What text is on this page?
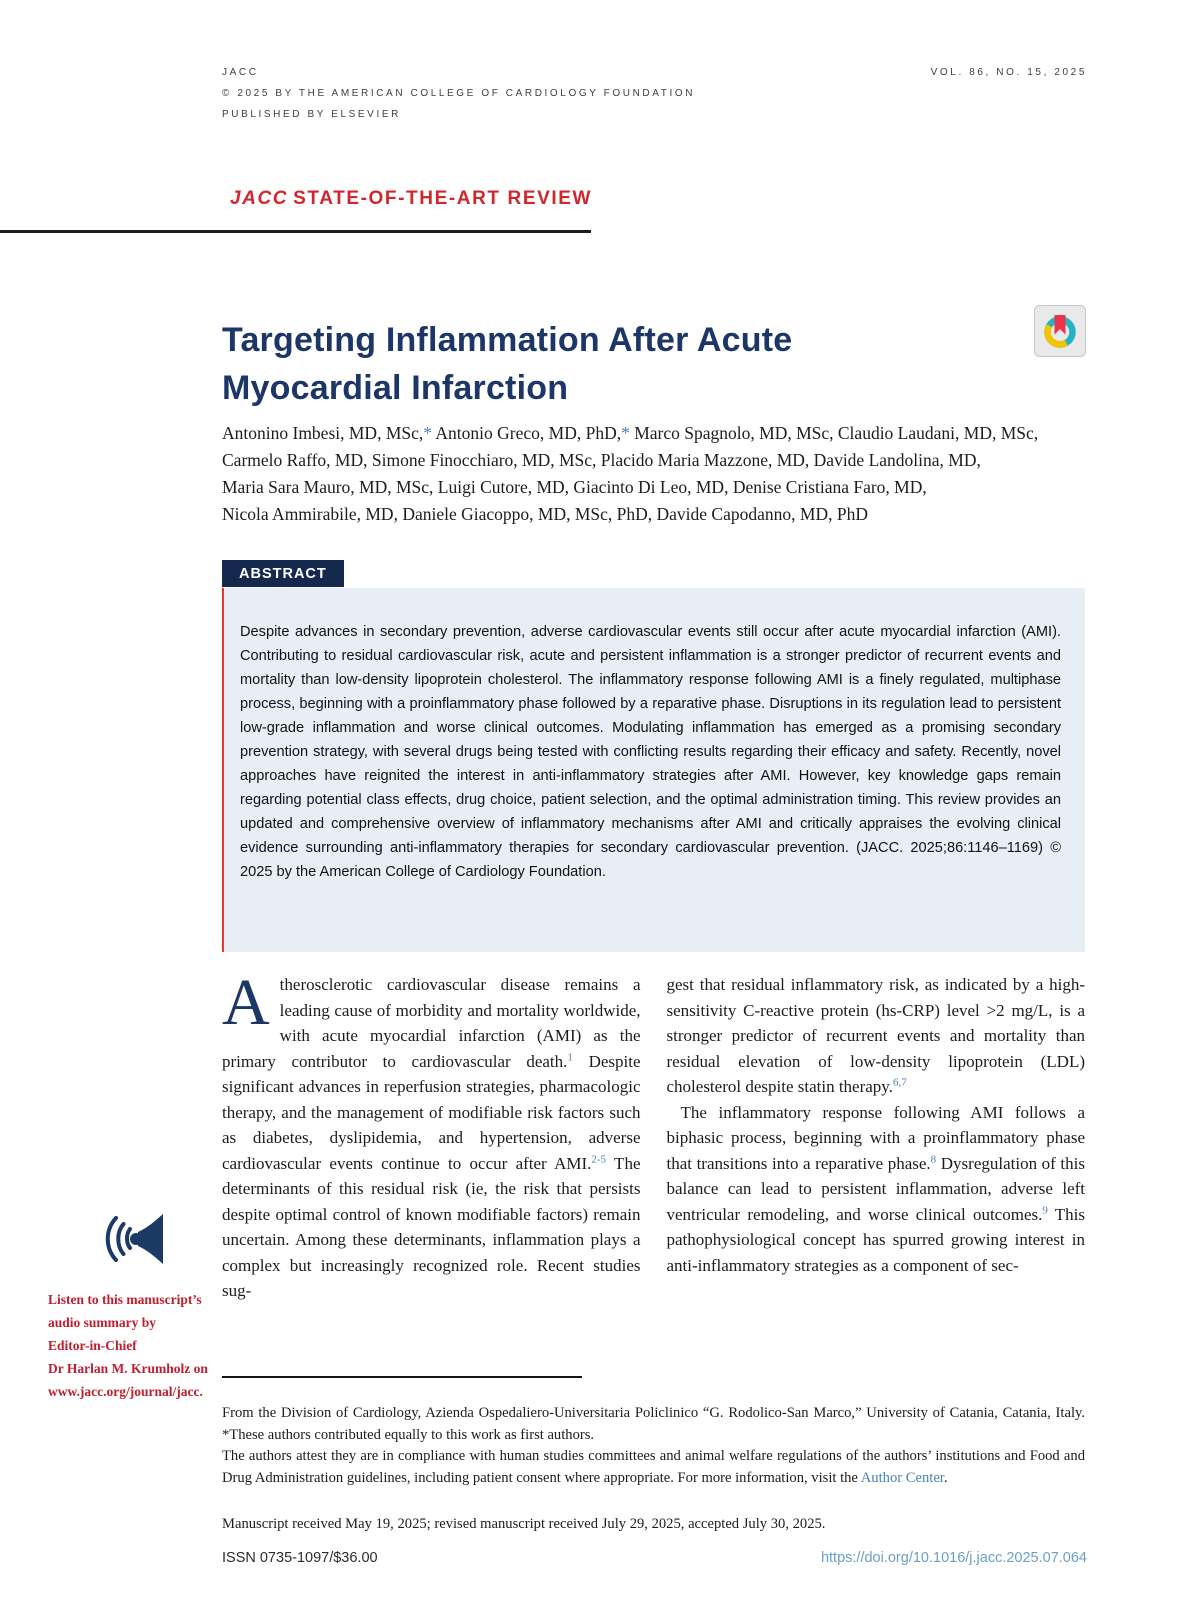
JACC	VOL. 86, NO. 15, 2025
© 2025 BY THE AMERICAN COLLEGE OF CARDIOLOGY FOUNDATION
PUBLISHED BY ELSEVIER
JACC STATE-OF-THE-ART REVIEW
Targeting Inflammation After Acute Myocardial Infarction
Antonino Imbesi, MD, MSc,* Antonio Greco, MD, PhD,* Marco Spagnolo, MD, MSc, Claudio Laudani, MD, MSc,
Carmelo Raffo, MD, Simone Finocchiaro, MD, MSc, Placido Maria Mazzone, MD, Davide Landolina, MD,
Maria Sara Mauro, MD, MSc, Luigi Cutore, MD, Giacinto Di Leo, MD, Denise Cristiana Faro, MD,
Nicola Ammirabile, MD, Daniele Giacoppo, MD, MSc, PhD, Davide Capodanno, MD, PhD
ABSTRACT
Despite advances in secondary prevention, adverse cardiovascular events still occur after acute myocardial infarction (AMI). Contributing to residual cardiovascular risk, acute and persistent inflammation is a stronger predictor of recurrent events and mortality than low-density lipoprotein cholesterol. The inflammatory response following AMI is a finely regulated, multiphase process, beginning with a proinflammatory phase followed by a reparative phase. Disruptions in its regulation lead to persistent low-grade inflammation and worse clinical outcomes. Modulating inflammation has emerged as a promising secondary prevention strategy, with several drugs being tested with conflicting results regarding their efficacy and safety. Recently, novel approaches have reignited the interest in anti-inflammatory strategies after AMI. However, key knowledge gaps remain regarding potential class effects, drug choice, patient selection, and the optimal administration timing. This review provides an updated and comprehensive overview of inflammatory mechanisms after AMI and critically appraises the evolving clinical evidence surrounding anti-inflammatory therapies for secondary cardiovascular prevention. (JACC. 2025;86:1146–1169) © 2025 by the American College of Cardiology Foundation.

Atherosclerotic cardiovascular disease remains a leading cause of morbidity and mortality worldwide, with acute myocardial infarction (AMI) as the primary contributor to cardiovascular death.$^1$ Despite significant advances in reperfusion strategies, pharmacologic therapy, and the management of modifiable risk factors such as diabetes, dyslipidemia, and hypertension, adverse cardiovascular events continue to occur after AMI.$^{2-5}$ The determinants of this residual risk (ie, the risk that persists despite optimal control of known modifiable factors) remain uncertain. Among these determinants, inflammation plays a complex but increasingly recognized role. Recent studies sug-

gest that residual inflammatory risk, as indicated by a high-sensitivity C-reactive protein (hs-CRP) level >2 mg/L, is a stronger predictor of recurrent events and mortality than residual elevation of low-density lipoprotein (LDL) cholesterol despite statin therapy.$^{6,7}$

The inflammatory response following AMI follows a biphasic process, beginning with a proinflammatory phase that transitions into a reparative phase.$^8$ Dysregulation of this balance can lead to persistent inflammation, adverse left ventricular remodeling, and worse clinical outcomes.$^9$ This pathophysiological concept has spurred growing interest in anti-inflammatory strategies as a component of sec-

Listen to this manuscript’s
audio summary by
Editor-in-Chief
Dr Harlan M. Krumholz on
www.jacc.org/journal/jacc.

From the Division of Cardiology, Azienda Ospedaliero-Universitaria Policlinico “G. Rodolico-San Marco,” University of Catania, Catania, Italy. *These authors contributed equally to this work as first authors.

The authors attest they are in compliance with human studies committees and animal welfare regulations of the authors’ institutions and Food and Drug Administration guidelines, including patient consent where appropriate. For more information, visit the Author Center.

Manuscript received May 19, 2025; revised manuscript received July 29, 2025, accepted July 30, 2025.
ISSN 0735-1097/$36.00	https://doi.org/10.1016/j.jacc.2025.07.064
